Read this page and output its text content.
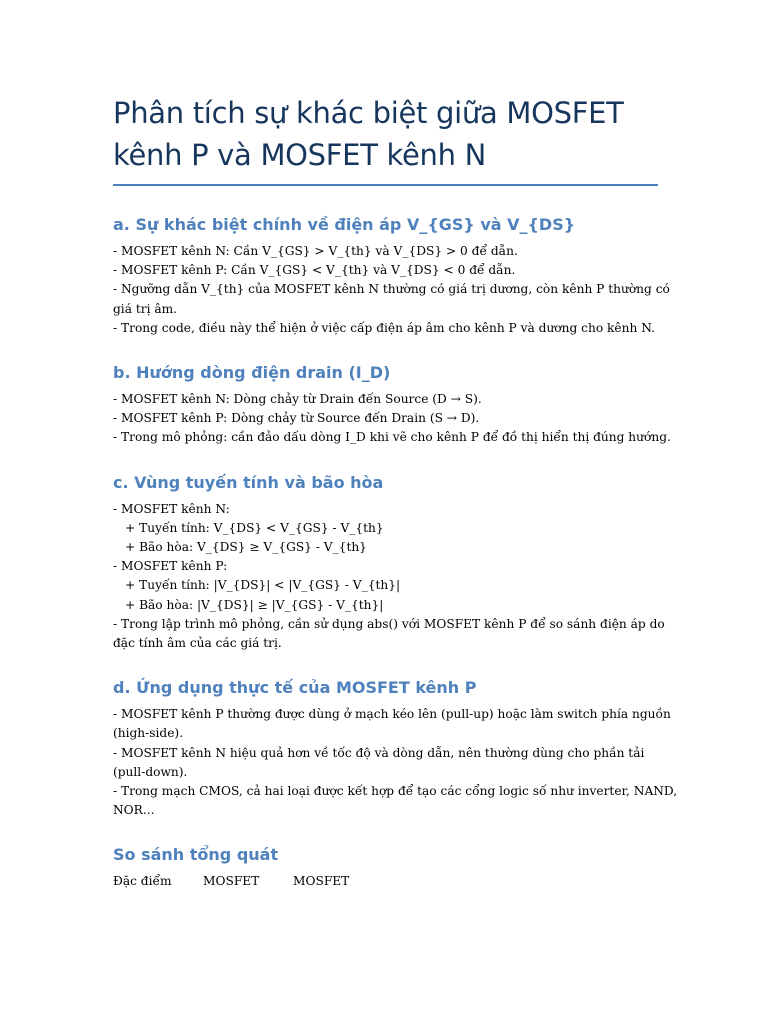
Phân tích sự khác biệt giữa MOSFET
kênh P và MOSFET kênh N
a. Sự khác biệt chính về điện áp V_{GS} và V_{DS}
- MOSFET kênh N: Cần V_{GS} > V_{th} và V_{DS} > 0 để dẫn.
- MOSFET kênh P: Cần V_{GS} < V_{th} và V_{DS} < 0 để dẫn.
- Ngưỡng dẫn V_{th} của MOSFET kênh N thường có giá trị dương, còn kênh P thường có
giá trị âm.
- Trong code, điều này thể hiện ở việc cấp điện áp âm cho kênh P và dương cho kênh N.
b. Hướng dòng điện drain (I_D)
- MOSFET kênh N: Dòng chảy từ Drain đến Source (D → S).
- MOSFET kênh P: Dòng chảy từ Source đến Drain (S → D).
- Trong mô phỏng: cần đảo dấu dòng I_D khi vẽ cho kênh P để đồ thị hiển thị đúng hướng.
c. Vùng tuyến tính và bão hòa
- MOSFET kênh N:
+ Tuyến tính: V_{DS} < V_{GS} - V_{th}
+ Bão hòa: V_{DS} ≥ V_{GS} - V_{th}
- MOSFET kênh P:
+ Tuyến tính: |V_{DS}| < |V_{GS} - V_{th}|
+ Bão hòa: |V_{DS}| ≥ |V_{GS} - V_{th}|
- Trong lập trình mô phỏng, cần sử dụng abs() với MOSFET kênh P để so sánh điện áp do
đặc tính âm của các giá trị.
d. Ứng dụng thực tế của MOSFET kênh P
- MOSFET kênh P thường được dùng ở mạch kéo lên (pull-up) hoặc làm switch phía nguồn
(high-side).
- MOSFET kênh N hiệu quả hơn về tốc độ và dòng dẫn, nên thường dùng cho phần tải
(pull-down).
- Trong mạch CMOS, cả hai loại được kết hợp để tạo các cổng logic số như inverter, NAND,
NOR...
So sánh tổng quát
Đặc điểm	MOSFET	MOSFET
